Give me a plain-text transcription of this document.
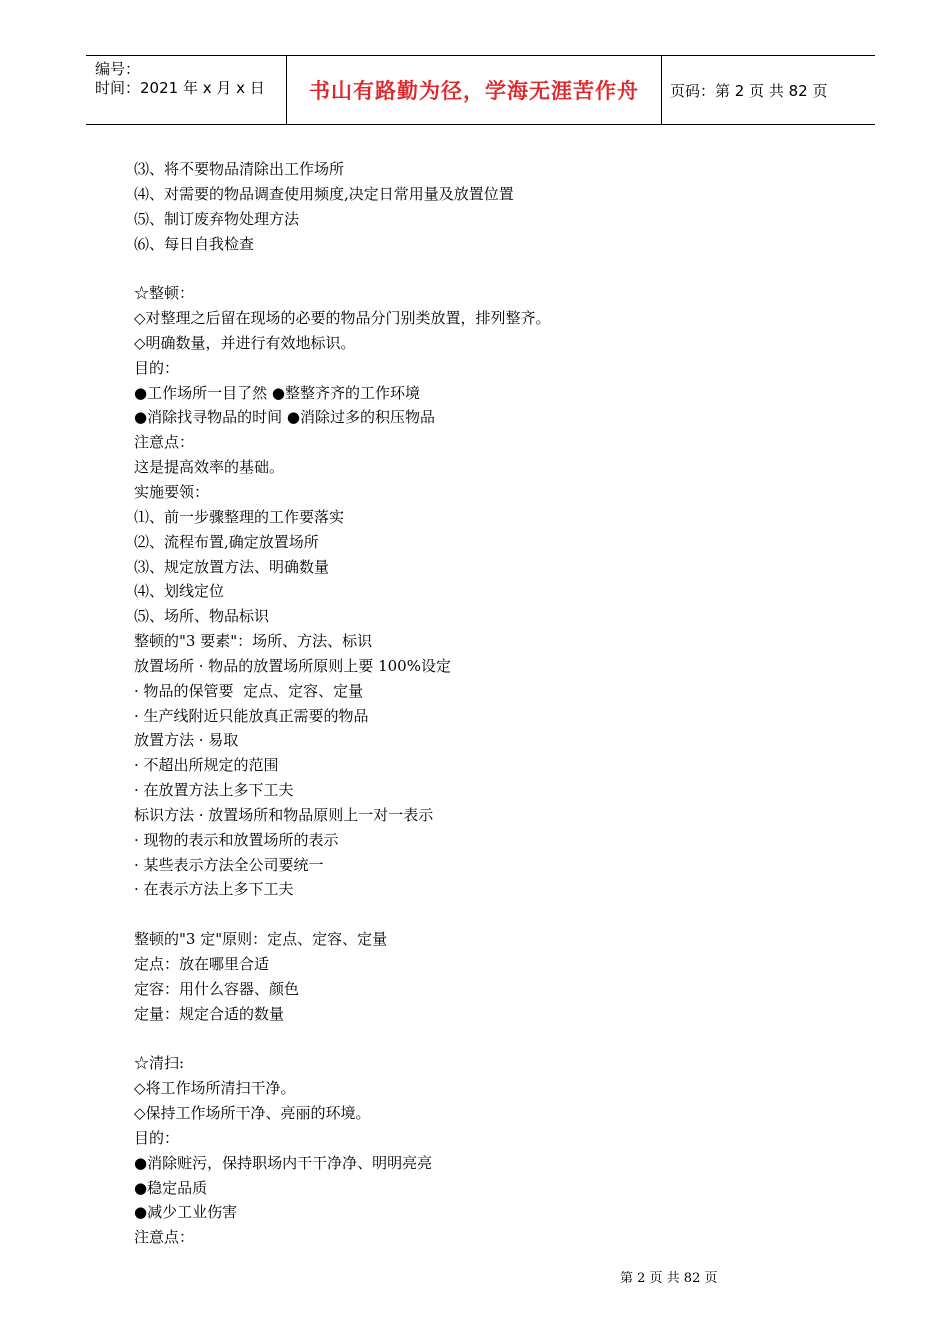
编号：
时间：2021 年 x 月 x 日	书山有路勤为径，学海无涯苦作舟	页码：第 2 页 共 82 页
⑶、将不要物品清除出工作场所
⑷、对需要的物品调查使用频度,决定日常用量及放置位置
⑸、制订废弃物处理方法
⑹、每日自我检查
☆整顿：
◇对整理之后留在现场的必要的物品分门别类放置，排列整齐。
◇明确数量，并进行有效地标识。
目的：
●工作场所一目了然 ●整整齐齐的工作环境
●消除找寻物品的时间 ●消除过多的积压物品
注意点：
这是提高效率的基础。
实施要领：
⑴、前一步骤整理的工作要落实
⑵、流程布置,确定放置场所
⑶、规定放置方法、明确数量
⑷、划线定位
⑸、场所、物品标识
整顿的"3 要素"：场所、方法、标识
放置场所 · 物品的放置场所原则上要 100%设定
· 物品的保管要  定点、定容、定量
· 生产线附近只能放真正需要的物品
放置方法 · 易取
· 不超出所规定的范围
· 在放置方法上多下工夫
标识方法 · 放置场所和物品原则上一对一表示
· 现物的表示和放置场所的表示
· 某些表示方法全公司要统一
· 在表示方法上多下工夫
整顿的"3 定"原则：定点、定容、定量
定点：放在哪里合适
定容：用什么容器、颜色
定量：规定合适的数量
☆清扫:
◇将工作场所清扫干净。
◇保持工作场所干净、亮丽的环境。
目的：
●消除赃污，保持职场内干干净净、明明亮亮
●稳定品质
●减少工业伤害
注意点：
第 2 页 共 82 页
